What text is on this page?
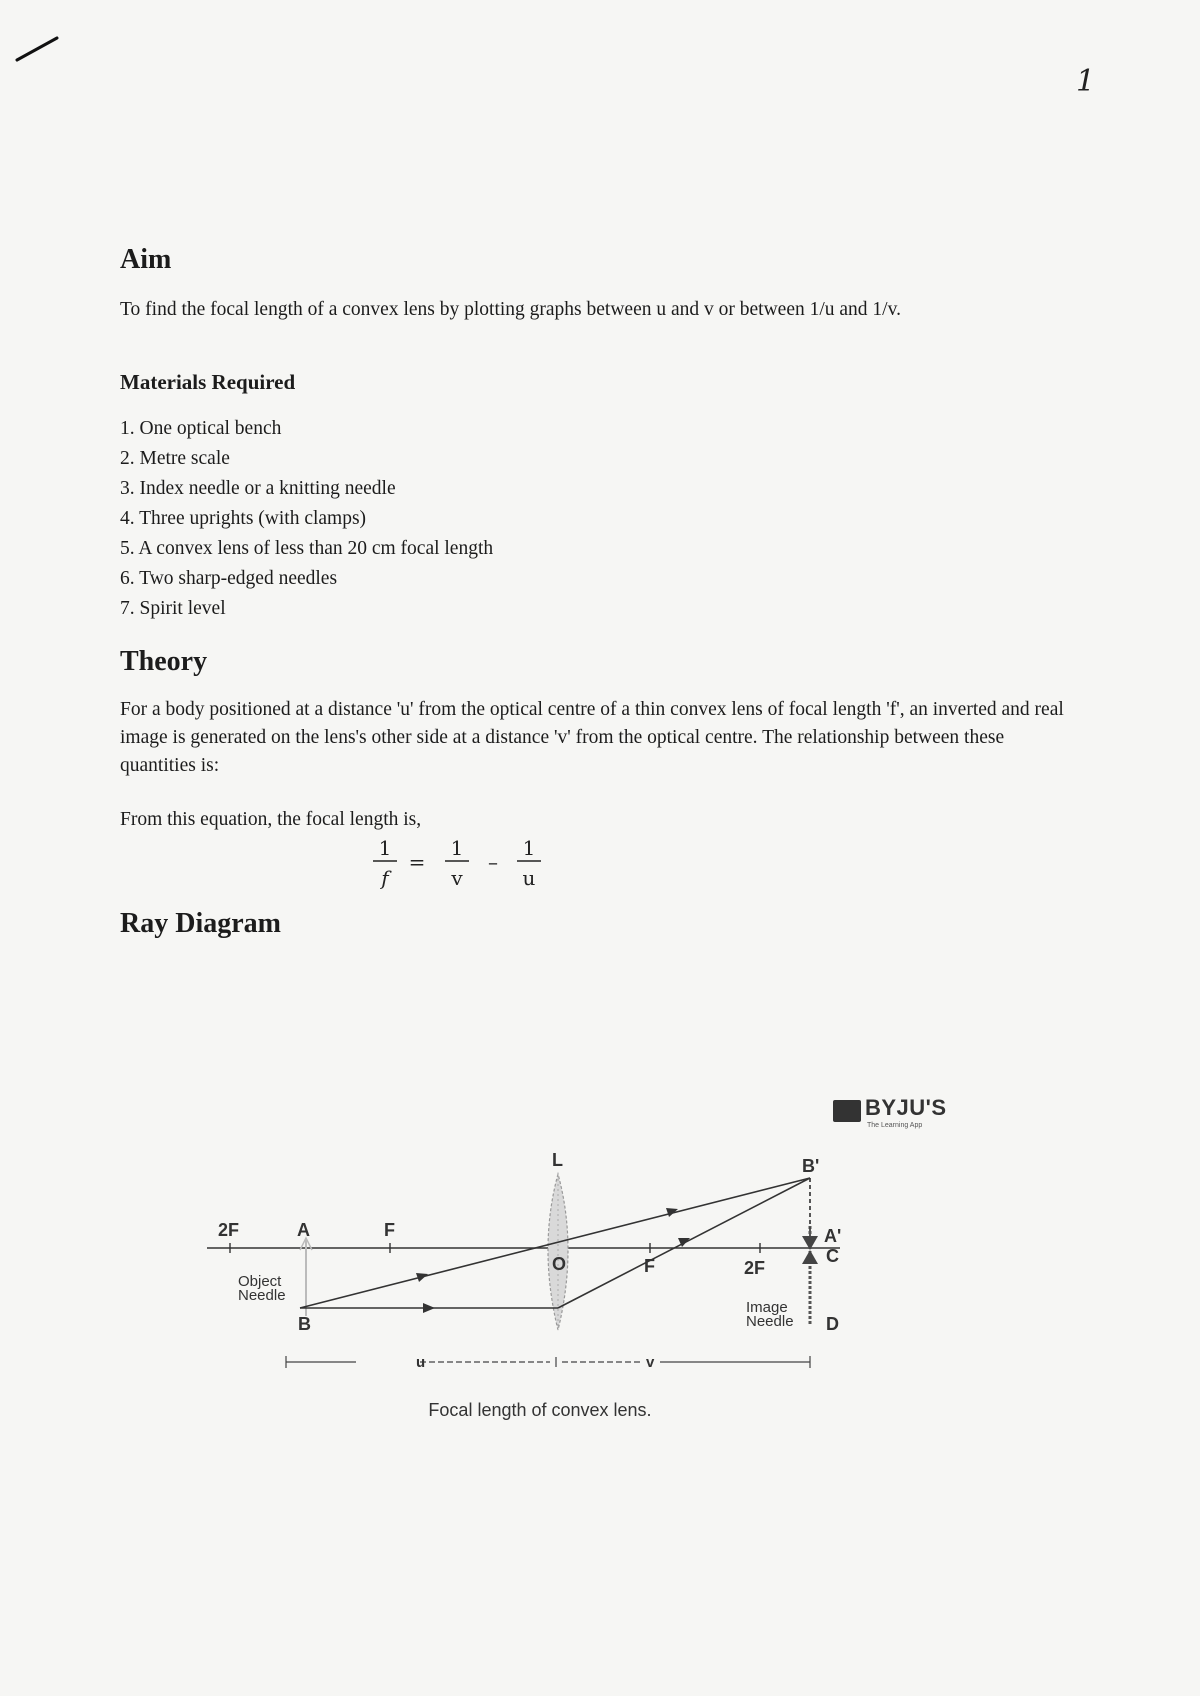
1
Aim

To find the focal length of a convex lens by plotting graphs between u and v or between 1/u and 1/v.

Materials Required
1. One optical bench
2. Metre scale
3. Index needle or a knitting needle
4. Three uprights (with clamps)
5. A convex lens of less than 20 cm focal length
6. Two sharp-edged needles
7. Spirit level
Theory

For a body positioned at a distance 'u' from the optical centre of a thin convex lens of focal length 'f', an inverted and real image is generated on the lens's other side at a distance 'v' from the optical centre. The relationship between these quantities is:

From this equation, the focal length is,

1
f
=
1
v
–
1
u
Ray Diagram
BYJU'S
The Learning App
2F	A	F
L
O	F	2F
B
B'
A'
C
D
u	v
Object
Needle
Image
Needle
Focal length of convex lens.
